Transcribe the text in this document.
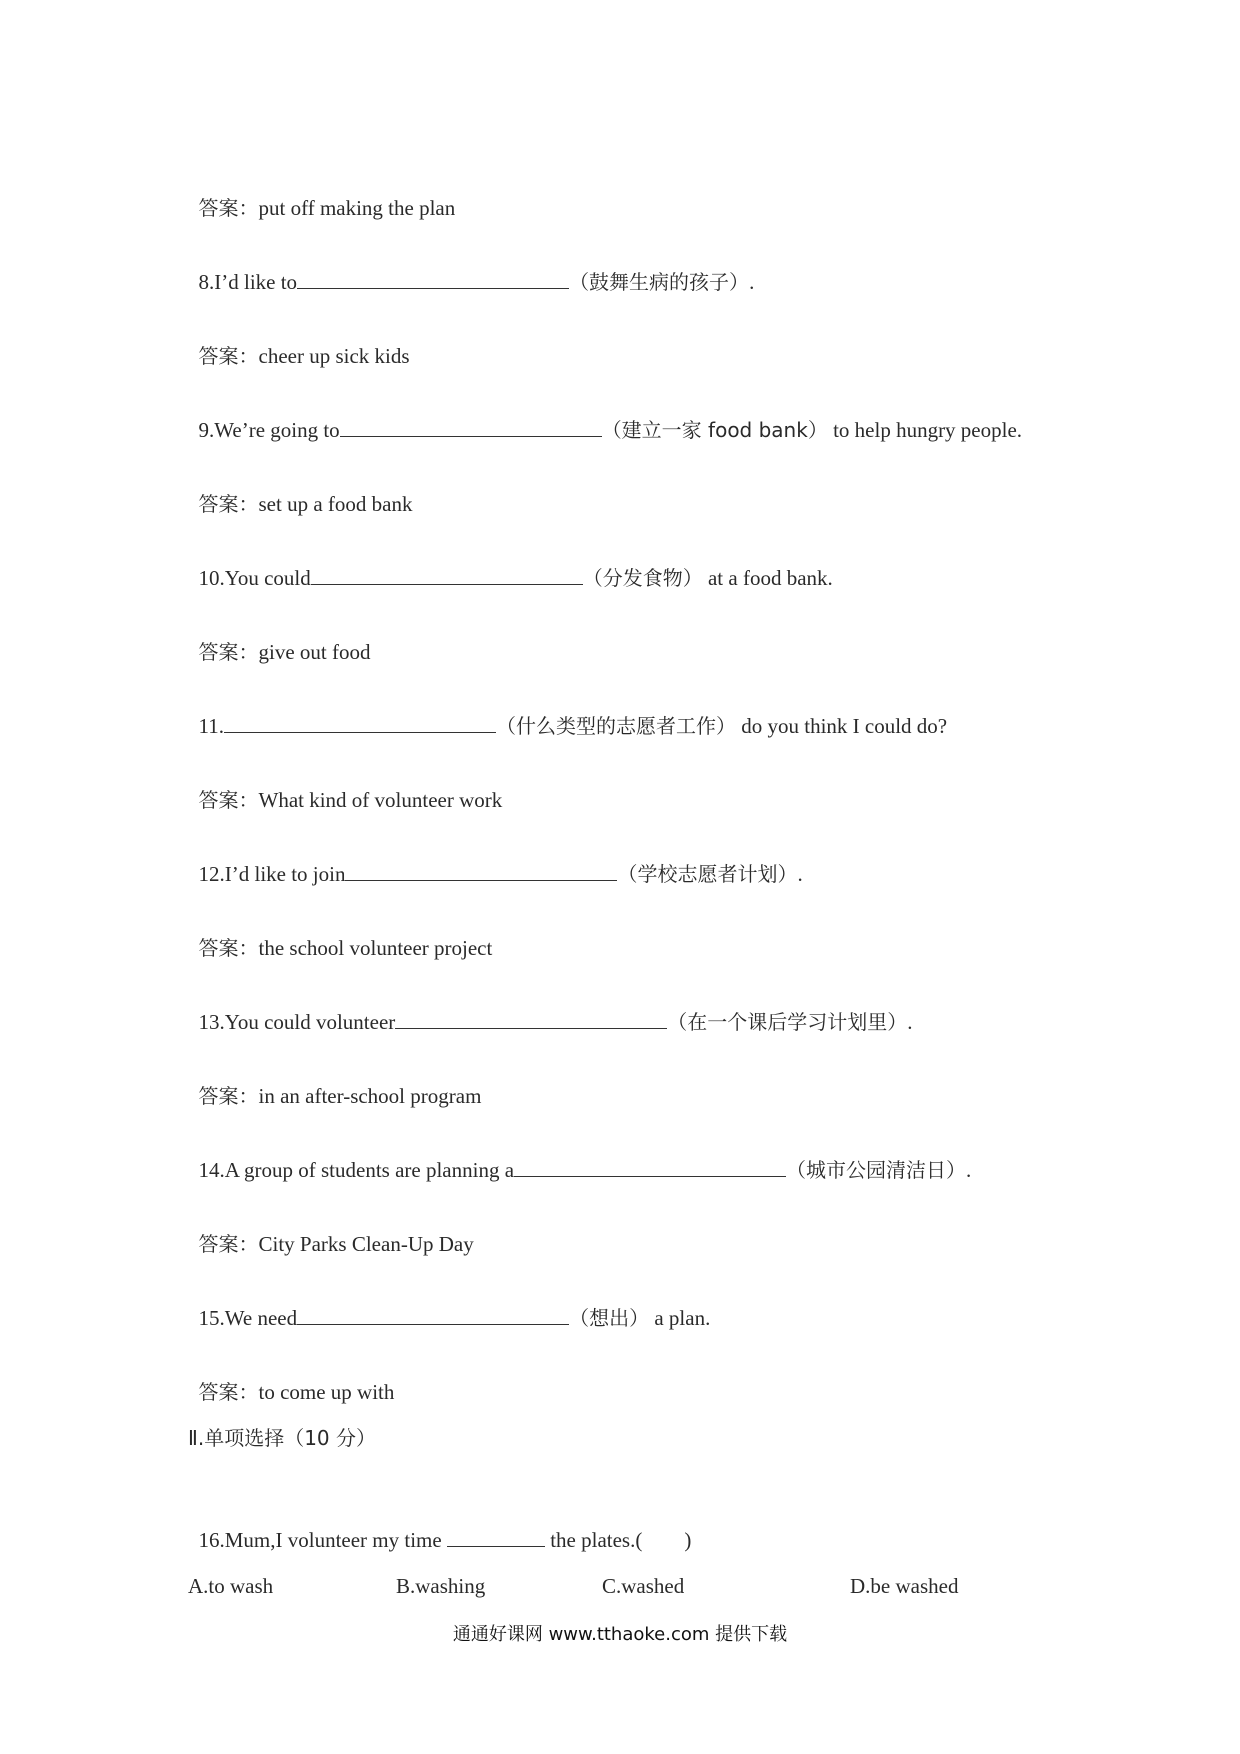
答案：put off making the plan

8.I’d like to	（鼓舞生病的孩子）.

答案：cheer up sick kids

9.We’re going to	（建立一家 food bank） to help hungry people.

答案：set up a food bank

10.You could	（分发食物） at a food bank.

答案：give out food

11.	（什么类型的志愿者工作） do you think I could do?

答案：What kind of volunteer work

12.I’d like to join	（学校志愿者计划）.

答案：the school volunteer project

13.You could volunteer	（在一个课后学习计划里）.

答案：in an after-school program

14.A group of students are planning a	（城市公园清洁日）.

答案：City Parks Clean-Up Day

15.We need	（想出） a plan.

答案：to come up with

Ⅱ.单项选择（10 分）

16.Mum,I volunteer my time	the plates.(        )

A.to wash

	B.washing

	C.washed

	D.be washed

通通好课网 www.tthaoke.com 提供下载
